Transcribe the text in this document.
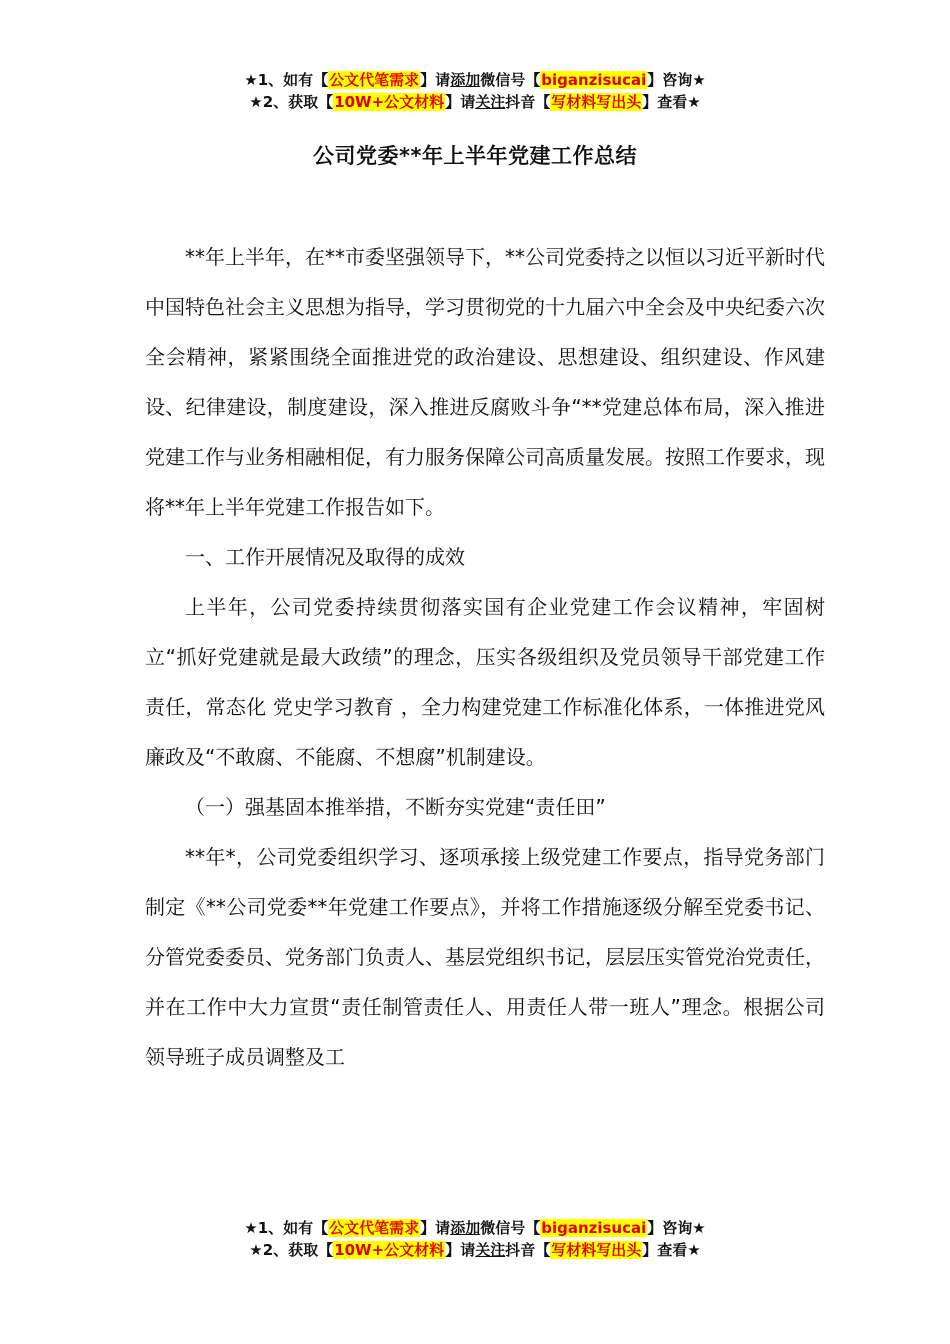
★1、如有【公文代笔需求】请添加微信号【biganzisucai】咨询★
★2、获取【10W+公文材料】请关注抖音【写材料写出头】查看★
公司党委**年上半年党建工作总结

**年上半年，在**市委坚强领导下，**公司党委持之以恒以习近平新时代中国特色社会主义思想为指导，学习贯彻党的十九届六中全会及中央纪委六次全会精神，紧紧围绕全面推进党的政治建设、思想建设、组织建设、作风建设、纪律建设，制度建设，深入推进反腐败斗争“**党建总体布局，深入推进党建工作与业务相融相促，有力服务保障公司高质量发展。按照工作要求，现将**年上半年党建工作报告如下。

一、工作开展情况及取得的成效

上半年，公司党委持续贯彻落实国有企业党建工作会议精神，牢固树立“抓好党建就是最大政绩”的理念，压实各级组织及党员领导干部党建工作责任，常态化 党史学习教育 ，全力构建党建工作标准化体系，一体推进党风廉政及“不敢腐、不能腐、不想腐”机制建设。

（一）强基固本推举措，不断夯实党建“责任田”

**年*，公司党委组织学习、逐项承接上级党建工作要点，指导党务部门制定《**公司党委**年党建工作要点》，并将工作措施逐级分解至党委书记、分管党委委员、党务部门负责人、基层党组织书记，层层压实管党治党责任，并在工作中大力宣贯“责任制管责任人、用责任人带一班人”理念。根据公司领导班子成员调整及工

★1、如有【公文代笔需求】请添加微信号【biganzisucai】咨询★
★2、获取【10W+公文材料】请关注抖音【写材料写出头】查看★
